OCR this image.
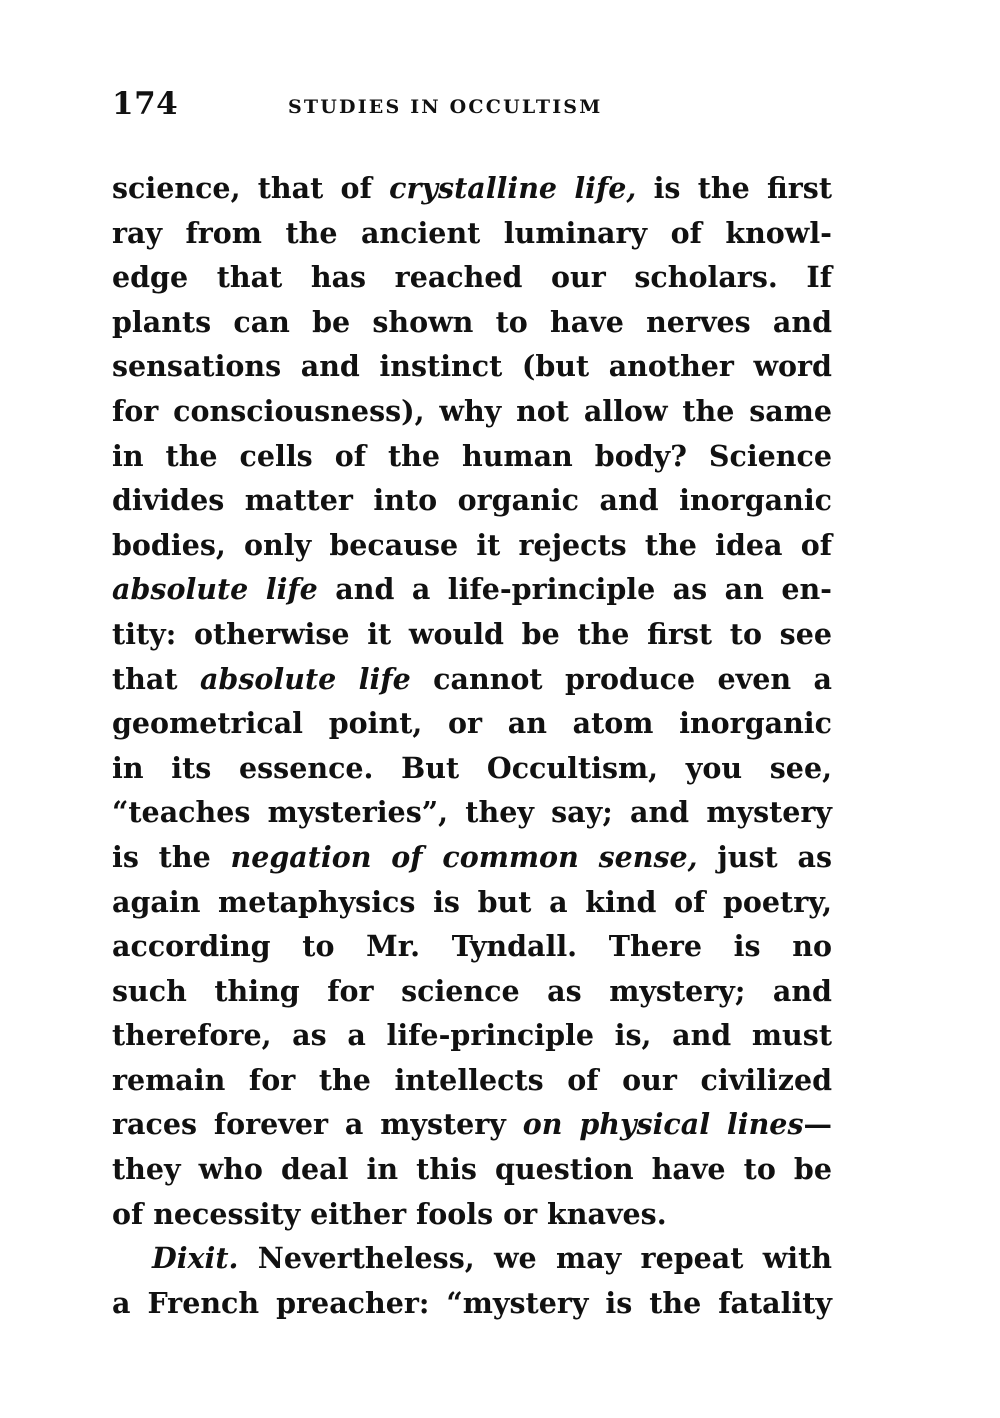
174	STUDIES IN OCCULTISM
science, that of crystalline life, is the first
ray from the ancient luminary of knowl-
edge that has reached our scholars. If
plants can be shown to have nerves and
sensations and instinct (but another word
for consciousness), why not allow the same
in the cells of the human body? Science
divides matter into organic and inorganic
bodies, only because it rejects the idea of
absolute life and a life-principle as an en-
tity: otherwise it would be the first to see
that absolute life cannot produce even a
geometrical point, or an atom inorganic
in its essence. But Occultism, you see,
“teaches mysteries”, they say; and mystery
is the negation of common sense, just as
again metaphysics is but a kind of poetry,
according to Mr. Tyndall. There is no
such thing for science as mystery; and
therefore, as a life-principle is, and must
remain for the intellects of our civilized
races forever a mystery on physical lines—
they who deal in this question have to be
of necessity either fools or knaves.
Dixit. Nevertheless, we may repeat with
a French preacher: “mystery is the fatality
